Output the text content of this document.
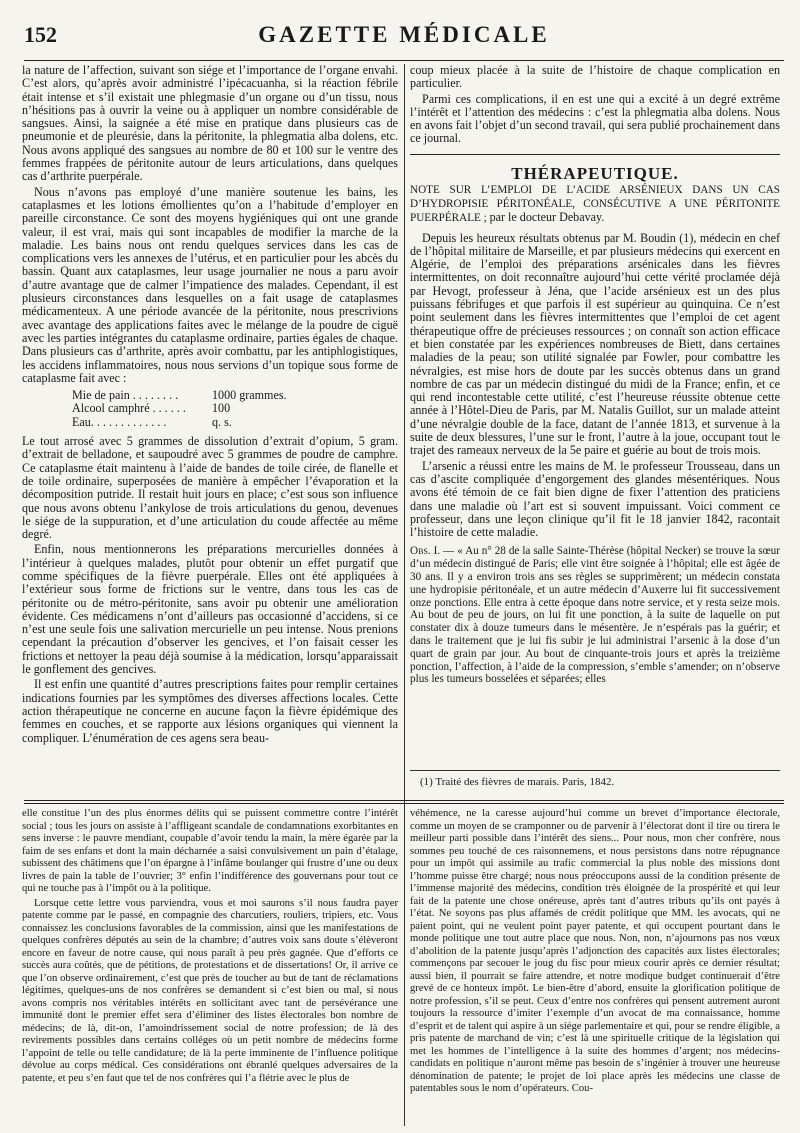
152	GAZETTE MÉDICALE

la nature de l’affection, suivant son siége et l’importance de l’organe envahi. C’est alors, qu’après avoir administré l’ipécacuanha, si la réaction fébrile était intense et s’il existait une phlegmasie d’un organe ou d’un tissu, nous n’hésitions pas à ouvrir la veine ou à appliquer un nombre considérable de sangsues. Ainsi, la saignée a été mise en pratique dans plusieurs cas de pneumonie et de pleurésie, dans la péritonite, la phlegmatia alba dolens, etc. Nous avons appliqué des sangsues au nombre de 80 et 100 sur le ventre des femmes frappées de péritonite autour de leurs articulations, dans quelques cas d’arthrite puerpérale.

Nous n’avons pas employé d’une manière soutenue les bains, les cataplasmes et les lotions émollientes qu’on a l’habitude d’employer en pareille circonstance. Ce sont des moyens hygiéniques qui ont une grande valeur, il est vrai, mais qui sont incapables de modifier la marche de la maladie. Les bains nous ont rendu quelques services dans les cas de complications vers les annexes de l’utérus, et en particulier pour les abcès du bassin. Quant aux cataplasmes, leur usage journalier ne nous a paru avoir d’autre avantage que de calmer l’impatience des malades. Cependant, il est plusieurs circonstances dans lesquelles on a fait usage de cataplasmes médicamenteux. A une période avancée de la péritonite, nous prescrivions avec avantage des applications faites avec le mélange de la poudre de ciguë avec les parties intégrantes du cataplasme ordinaire, parties égales de chaque. Dans plusieurs cas d’arthrite, après avoir combattu, par les antiphlogistiques, les accidens inflammatoires, nous nous servions d’un topique sous forme de cataplasme fait avec :

Mie de pain . . . . . . . .	1000 grammes.
Alcool camphré . . . . . .	100
Eau. . . . . . . . . . . . .	q. s.

Le tout arrosé avec 5 grammes de dissolution d’extrait d’opium, 5 gram. d’extrait de belladone, et saupoudré avec 5 grammes de poudre de camphre. Ce cataplasme était maintenu à l’aide de bandes de toile cirée, de flanelle et de toile ordinaire, superposées de manière à empêcher l’évaporation et la décomposition putride. Il restait huit jours en place; c’est sous son influence que nous avons obtenu l’ankylose de trois articulations du genou, devenues le siége de la suppuration, et d’une articulation du coude affectée au même degré.

Enfin, nous mentionnerons les préparations mercurielles données à l’intérieur à quelques malades, plutôt pour obtenir un effet purgatif que comme spécifiques de la fièvre puerpérale. Elles ont été appliquées à l’extérieur sous forme de frictions sur le ventre, dans tous les cas de péritonite ou de métro-péritonite, sans avoir pu obtenir une amélioration évidente. Ces médicamens n’ont d’ailleurs pas occasionné d’accidens, si ce n’est une seule fois une salivation mercurielle un peu intense. Nous prenions cependant la précaution d’observer les gencives, et l’on faisait cesser les frictions et nettoyer la peau déjà soumise à la médication, lorsqu’apparaissait le gonflement des gencives.

Il est enfin une quantité d’autres prescriptions faites pour remplir certaines indications fournies par les symptômes des diverses affections locales. Cette action thérapeutique ne concerne en aucune façon la fièvre épidémique des femmes en couches, et se rapporte aux lésions organiques qui viennent la compliquer. L’énumération de ces agens sera beau-

coup mieux placée à la suite de l’histoire de chaque complication en particulier.

Parmi ces complications, il en est une qui a excité à un degré extrême l’intérêt et l’attention des médecins : c’est la phlegmatia alba dolens. Nous en avons fait l’objet d’un second travail, qui sera publié prochainement dans ce journal.

THÉRAPEUTIQUE.
NOTE SUR L’EMPLOI DE L’ACIDE ARSÉNIEUX DANS UN CAS D’HYDROPISIE PÉRITONÉALE, CONSÉCUTIVE A UNE PÉRITONITE PUERPÉRALE ; par le docteur Debavay.

Depuis les heureux résultats obtenus par M. Boudin (1), médecin en chef de l’hôpital militaire de Marseille, et par plusieurs médecins qui exercent en Algérie, de l’emploi des préparations arsénicales dans les fièvres intermittentes, on doit reconnaître aujourd’hui cette vérité proclamée déjà par Hevogt, professeur à Jéna, que l’acide arsénieux est un des plus puissans fébrifuges et que parfois il est supérieur au quinquina. Ce n’est point seulement dans les fièvres intermittentes que l’emploi de cet agent thérapeutique offre de précieuses ressources ; on connaît son action efficace et bien constatée par les expériences nombreuses de Biett, dans certaines maladies de la peau; son utilité signalée par Fowler, pour combattre les névralgies, est mise hors de doute par les succès obtenus dans un grand nombre de cas par un médecin distingué du midi de la France; enfin, et ce qui rend incontestable cette utilité, c’est l’heureuse réussite obtenue cette année à l’Hôtel-Dieu de Paris, par M. Natalis Guillot, sur un malade atteint d’une névralgie double de la face, datant de l’année 1813, et survenue à la suite de deux blessures, l’une sur le front, l’autre à la joue, occupant tout le trajet des rameaux nerveux de la 5e paire et guérie au bout de trois mois.

L’arsenic a réussi entre les mains de M. le professeur Trousseau, dans un cas d’ascite compliquée d’engorgement des glandes mésentériques. Nous avons été témoin de ce fait bien digne de fixer l’attention des praticiens dans une maladie où l’art est si souvent impuissant. Voici comment ce professeur, dans une leçon clinique qu’il fit le 18 janvier 1842, racontait l’histoire de cette maladie.

Obs. I. — « Au n° 28 de la salle Sainte-Thérèse (hôpital Necker) se trouve la sœur d’un médecin distingué de Paris; elle vint être soignée à l’hôpital; elle est âgée de 30 ans. Il y a environ trois ans ses règles se supprimèrent; un médecin constata une hydropisie péritonéale, et un autre médecin d’Auxerre lui fit successivement onze ponctions. Elle entra à cette époque dans notre service, et y resta seize mois. Au bout de peu de jours, on lui fit une ponction, à la suite de laquelle on put constater dix à douze tumeurs dans le mésentère. Je n’espérais pas la guérir; et dans le traitement que je lui fis subir je lui administrai l’arsenic à la dose d’un quart de grain par jour. Au bout de cinquante-trois jours et après la treizième ponction, l’affection, à l’aide de la compression, s’emble s’amender; on n’observe plus les tumeurs bosselées et séparées; elles

(1) Traité des fièvres de marais. Paris, 1842.

elle constitue l’un des plus énormes délits qui se puissent commettre contre l’intérêt social ; tous les jours on assiste à l’affligeant scandale de condamnations exorbitantes en sens inverse : le pauvre mendiant, coupable d’avoir tendu la main, la mère égarée par la faim de ses enfans et dont la main décharnée a saisi convulsivement un pain d’étalage, subissent des châtimens que l’on épargne à l’infâme boulanger qui frustre d’une ou deux livres de pain la table de l’ouvrier; 3° enfin l’indifférence des gouvernans pour tout ce qui ne touche pas à l’impôt ou à la politique.

Lorsque cette lettre vous parviendra, vous et moi saurons s’il nous faudra payer patente comme par le passé, en compagnie des charcutiers, rouliers, tripiers, etc. Vous connaissez les conclusions favorables de la commission, ainsi que les manifestations de quelques confrères députés au sein de la chambre; d’autres voix sans doute s’élèveront encore en faveur de notre cause, qui nous paraît à peu près gagnée. Que d’efforts ce succès aura coûtés, que de pétitions, de protestations et de dissertations! Or, il arrive ce que l’on observe ordinairement, c’est que près de toucher au but de tant de réclamations légitimes, quelques-uns de nos confrères se demandent si c’est bien ou mal, si nous avons compris nos véritables intérêts en sollicitant avec tant de persévérance une immunité dont le premier effet sera d’éliminer des listes électorales bon nombre de médecins; de là, dit-on, l’amoindrissement social de notre profession; de là des revirements possibles dans certains colléges où un petit nombre de médecins forme l’appoint de telle ou telle candidature; de là la perte imminente de l’influence politique dévolue au corps médical. Ces considérations ont ébranlé quelques adversaires de la patente, et peu s’en faut que tel de nos confrères qui l’a flétrie avec le plus de

véhémence, ne la caresse aujourd’hui comme un brevet d’importance électorale, comme un moyen de se cramponner ou de parvenir à l’électorat dont il tire ou tirera le meilleur parti possible dans l’intérêt des siens... Pour nous, mon cher confrère, nous sommes peu touché de ces raisonnemens, et nous persistons dans notre répugnance pour un impôt qui assimile au trafic commercial la plus noble des missions dont l’homme puisse être chargé; nous nous préoccupons aussi de la condition présente de l’immense majorité des médecins, condition très éloignée de la prospérité et qui leur fait de la patente une chose onéreuse, après tant d’autres tributs qu’ils ont payés à l’état. Ne soyons pas plus affamés de crédit politique que MM. les avocats, qui ne paient point, qui ne veulent point payer patente, et qui occupent pourtant dans le monde politique une tout autre place que nous. Non, non, n’ajournons pas nos vœux d’abolition de la patente jusqu’après l’adjonction des capacités aux listes électorales; commençons par secouer le joug du fisc pour mieux courir après ce dernier résultat; aussi bien, il pourrait se faire attendre, et notre modique budget continuerait d’être grevé de ce honteux impôt. Le bien-être d’abord, ensuite la glorification politique de notre profession, s’il se peut. Ceux d’entre nos confrères qui pensent autrement auront toujours la ressource d’imiter l’exemple d’un avocat de ma connaissance, homme d’esprit et de talent qui aspire à un siége parlementaire et qui, pour se rendre éligible, a pris patente de marchand de vin; c’est là une spirituelle critique de la législation qui met les hommes de l’intelligence à la suite des hommes d’argent; nos médecins-candidats en politique n’auront même pas besoin de s’ingénier à trouver une heureuse dénomination de patente; le projet de loi place après les médecins une classe de patentables sous le nom d’opérateurs. Cou-
